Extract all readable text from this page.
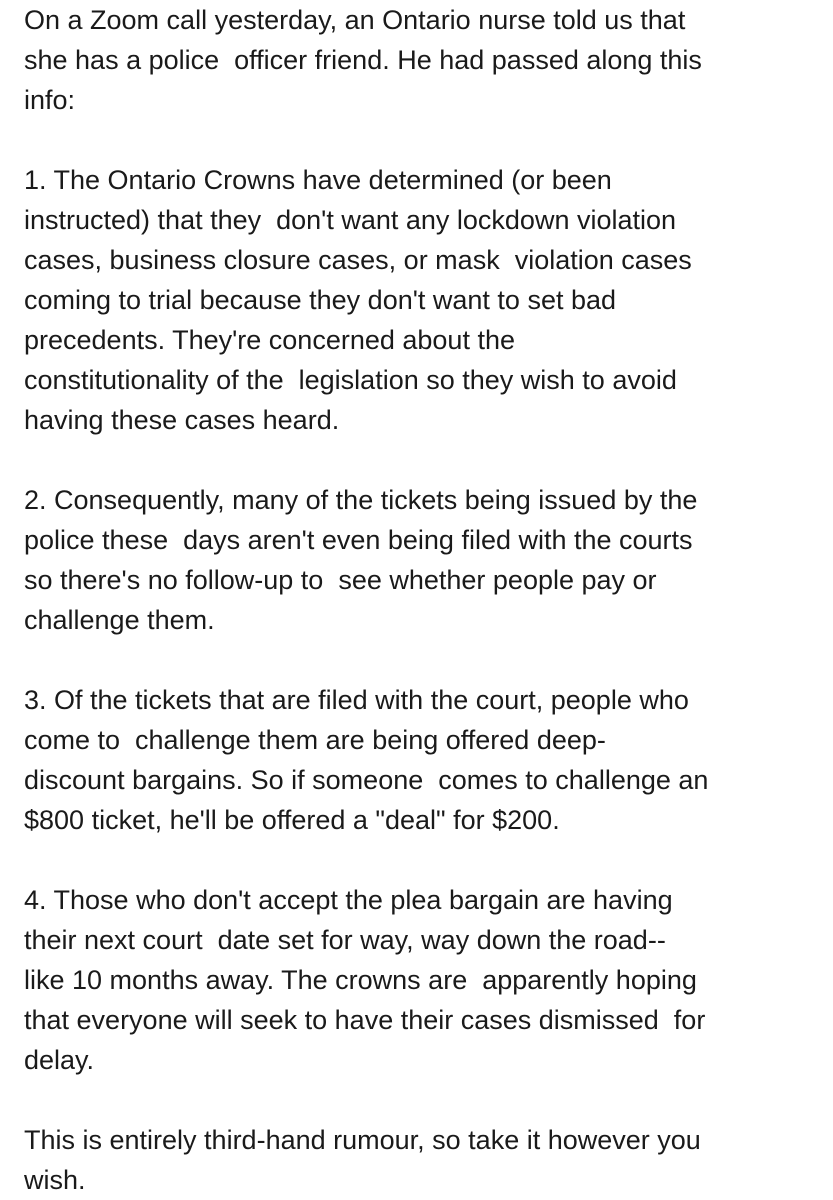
On a Zoom call yesterday, an Ontario nurse told us that
she has a police  officer friend. He had passed along this
info:
1. The Ontario Crowns have determined (or been
instructed) that they  don't want any lockdown violation
cases, business closure cases, or mask  violation cases
coming to trial because they don't want to set bad
precedents. They're concerned about the
constitutionality of the  legislation so they wish to avoid
having these cases heard.
2. Consequently, many of the tickets being issued by the
police these  days aren't even being filed with the courts
so there's no follow-up to  see whether people pay or
challenge them.
3. Of the tickets that are filed with the court, people who
come to  challenge them are being offered deep-
discount bargains. So if someone  comes to challenge an
$800 ticket, he'll be offered a "deal" for $200.
4. Those who don't accept the plea bargain are having
their next court  date set for way, way down the road--
like 10 months away. The crowns are  apparently hoping
that everyone will seek to have their cases dismissed  for
delay.
This is entirely third-hand rumour, so take it however you
wish.
